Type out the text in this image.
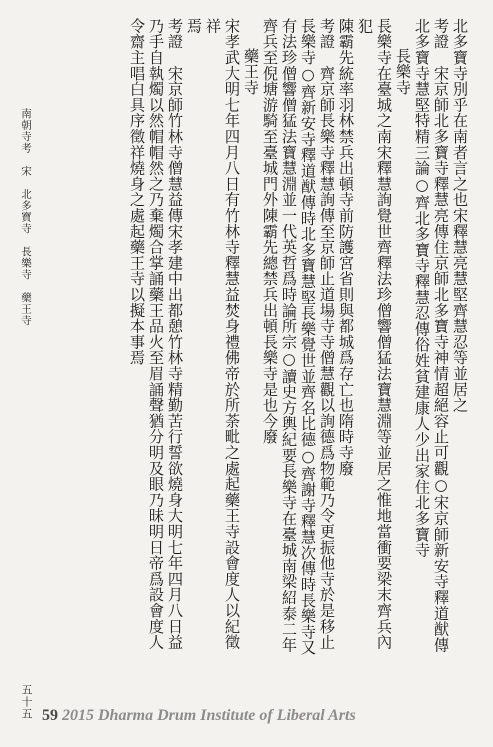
北多寶寺別乎在南者言之也宋釋慧亮慧堅齊慧忍等並居之

考證　宋京師北多寶寺釋慧亮傳住京師北多寶寺神情超絕容止可觀○宋京師新安寺釋道猷傳

北多寶寺慧堅特精三論○齊北多寶寺釋慧忍傳俗姓貧建康人少出家住北多寶寺

長樂寺

長樂寺在臺城之南宋釋慧詢覺世齊釋法珍僧響僧猛法寶慧淵等並居之惟地當衝要梁末齊兵內犯

陳霸先統率羽林禁兵出頓寺前防護宮省則與都城爲存亡也隋時寺廢

考證　齊京師長樂寺釋慧詢傳至京師止道場寺寺僧慧觀以詢德爲物範乃令更振他寺於是移止

長樂寺○齊新安寺釋道猷傳時北多寶慧堅長樂覺世並齊名比德○齊謝寺釋慧次傳時長樂寺又

有法珍僧響僧猛法寶慧淵並一代英哲爲時論所宗○讀史方輿紀要長樂寺在臺城南梁紹泰二年

齊兵至倪塘游騎至臺城門外陳霸先總禁兵出頓長樂寺是也今廢

藥王寺

宋孝武大明七年四月八日有竹林寺釋慧益焚身禮佛帝於所荼毗之處起藥王寺設會度人以紀徵祥

焉

考證　宋京師竹林寺僧慧益傳宋孝建中出都憩竹林寺精勤苦行誓欲燒身大明七年四月八日益

乃手自執燭以然帽帽然之乃棄燭合掌誦藥王品火至眉誦聲猶分明及眼乃昧明日帝爲設會度人

令齋主唱白具序徵祥燒身之處起藥王寺以擬本事焉

南朝寺考　宋　北多寶寺　長樂寺　藥王寺
五十五 59 2015 Dharma Drum Institute of Liberal Arts
